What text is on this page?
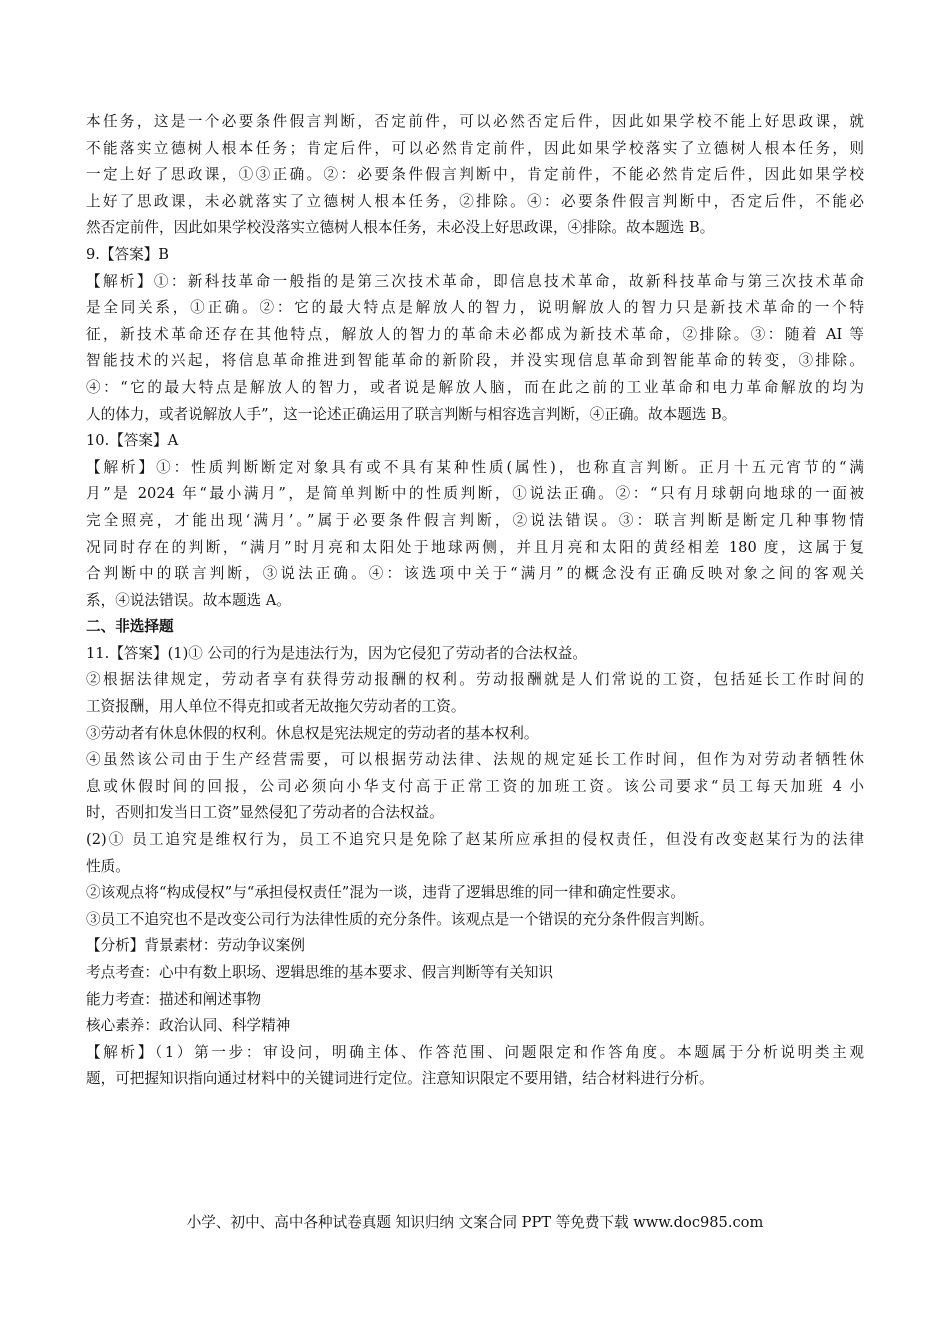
本任务，这是一个必要条件假言判断，否定前件，可以必然否定后件，因此如果学校不能上好思政课，就
不能落实立德树人根本任务；肯定后件，可以必然肯定前件，因此如果学校落实了立德树人根本任务，则
一定上好了思政课，①③正确。②：必要条件假言判断中，肯定前件，不能必然肯定后件，因此如果学校
上好了思政课，未必就落实了立德树人根本任务，②排除。④：必要条件假言判断中，否定后件，不能必
然否定前件，因此如果学校没落实立德树人根本任务，未必没上好思政课，④排除。故本题选 B。
9.【答案】B
【解析】①：新科技革命一般指的是第三次技术革命，即信息技术革命，故新科技革命与第三次技术革命
是全同关系，①正确。②：它的最大特点是解放人的智力，说明解放人的智力只是新技术革命的一个特
征，新技术革命还存在其他特点，解放人的智力的革命未必都成为新技术革命，②排除。③：随着 AI 等
智能技术的兴起，将信息革命推进到智能革命的新阶段，并没实现信息革命到智能革命的转变，③排除。
④：“它的最大特点是解放人的智力，或者说是解放人脑，而在此之前的工业革命和电力革命解放的均为
人的体力，或者说解放人手”，这一论述正确运用了联言判断与相容选言判断，④正确。故本题选 B。
10.【答案】A
【解析】①：性质判断断定对象具有或不具有某种性质(属性)，也称直言判断。正月十五元宵节的“满
月”是 2024 年“最小满月”，是简单判断中的性质判断，①说法正确。②：“只有月球朝向地球的一面被
完全照亮，才能出现‘满月’。”属于必要条件假言判断，②说法错误。③：联言判断是断定几种事物情
况同时存在的判断，“满月”时月亮和太阳处于地球两侧，并且月亮和太阳的黄经相差 180 度，这属于复
合判断中的联言判断，③说法正确。④：该选项中关于“满月”的概念没有正确反映对象之间的客观关
系，④说法错误。故本题选 A。
二、非选择题
11.【答案】(1)① 公司的行为是违法行为，因为它侵犯了劳动者的合法权益。
②根据法律规定，劳动者享有获得劳动报酬的权利。劳动报酬就是人们常说的工资，包括延长工作时间的
工资报酬，用人单位不得克扣或者无故拖欠劳动者的工资。
③劳动者有休息休假的权利。休息权是宪法规定的劳动者的基本权利。
④虽然该公司由于生产经营需要，可以根据劳动法律、法规的规定延长工作时间，但作为对劳动者牺牲休
息或休假时间的回报，公司必须向小华支付高于正常工资的加班工资。该公司要求“员工每天加班 4 小
时，否则扣发当日工资”显然侵犯了劳动者的合法权益。
(2)① 员工追究是维权行为，员工不追究只是免除了赵某所应承担的侵权责任，但没有改变赵某行为的法律
性质。
②该观点将“构成侵权”与“承担侵权责任”混为一谈，违背了逻辑思维的同一律和确定性要求。
③员工不追究也不是改变公司行为法律性质的充分条件。该观点是一个错误的充分条件假言判断。
【分析】背景素材：劳动争议案例
考点考查：心中有数上职场、逻辑思维的基本要求、假言判断等有关知识
能力考查：描述和阐述事物
核心素养：政治认同、科学精神
【解析】（1）第一步：审设问，明确主体、作答范围、问题限定和作答角度。本题属于分析说明类主观
题，可把握知识指向通过材料中的关键词进行定位。注意知识限定不要用错，结合材料进行分析。
小学、初中、高中各种试卷真题 知识归纳 文案合同 PPT 等免费下载 www.doc985.com
